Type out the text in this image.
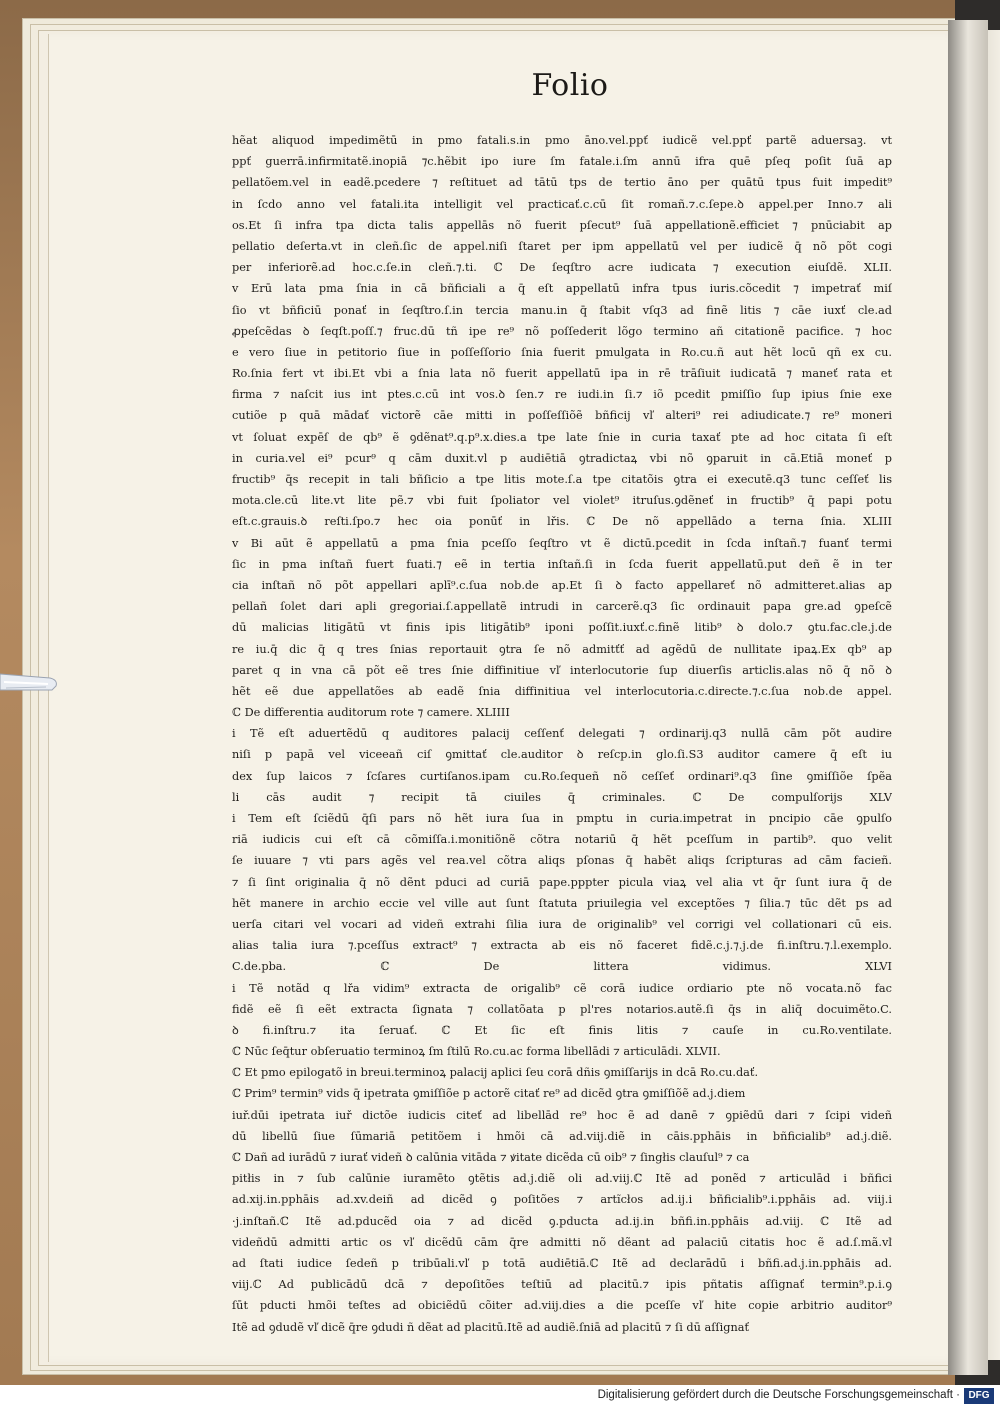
Folio
hẽat aliquod impedimẽtū in pmo fatali.s.in pmo āno.vel.ppť iudicẽ vel.ppť partẽ aduersaꝫ. vt
ppť guerrā.infirmitatẽ.inopiā ⁊c.hẽbit ipo iure ſm fatale.i.ſm annū ifra quē pſeq poſit ſuā ap
pellatõem.vel in eadẽ.pcedere ⁊ reſtituet ad tātū tps de tertio āno per quātū tpus fuit impedit⁹
in ſcdo anno vel fatali.ita intelligit vel practicať.c.cū ſit romañ.⁊.c.ſepe.ꝺ appel.per Inno.⁊ ali
os.Et ſi infra tpa dicta talis appellās nõ fuerit pſecut⁹ ſuā appellationẽ.efficiet ⁊ pnūciabit ap
pellatio deſerta.vt in cleñ.ſic de appel.niſi ſtaret per ipm appellatū vel per iudicẽ q̄ nõ põt cogi
per inferiorẽ.ad hoc.c.ſe.in cleñ.⁊.ti. ℂ De ſeqſtro acre iudicata ⁊ execution eiuſdẽ. XLII.
v Erū lata pma ſnia in cā bñficiali a q̄ eſt appellatū infra tpus iuris.cõcedit ⁊ impetrať miſ
ſio vt bñficiū ponať in ſeqſtro.ſ.in tercia manu.in q̄ ſtabit vſq3 ad finẽ litis ⁊ cāe iuxť cle.ad
ꝓpeſcẽdas ꝺ ſeqſt.poſſ.⁊ fruc.dū tñ ipe re⁹ nõ poſſederit lõgo termino añ citationẽ pacifice. ⁊ hoc
e vero ſiue in petitorio ſiue in poſſeſſorio ſnia fuerit pmulgata in Ro.cu.ñ aut hẽt locū qñ ex cu.
Ro.ſnia fert vt ibi.Et vbi a ſnia lata nõ fuerit appellatū ipa in rē trāſiuit iudicatā ⁊ maneť rata et
firma ⁊ naſcit ius int ptes.c.cū int vos.ꝺ ſen.⁊ re iudi.in ſi.⁊ iõ pcedit pmiſſio ſup ipius ſnie exe
cutiõe p quā mādať victorẽ cāe mitti in poſſeſſiõẽ bñficij vľ alteri⁹ rei adiudicate.⁊ re⁹ moneri
vt ſoluat expēſ de qb⁹ ẽ ꝯdẽnat⁹.q.p⁹.x.dies.a tpe late ſnie in curia taxať pte ad hoc citata ſi eſt
in curia.vel ei⁹ pcur⁹ q cām duxit.vl p audiētiā ꝯtradictaꝝ vbi nõ ꝯparuit in cā.Etiā moneť p
fructib⁹ q̄s recepit in tali bñſicio a tpe litis mote.ſ.a tpe citatõis ꝯtra ei executē.q3 tunc ceſſeť lis
mota.cle.cū lite.vt lite pẽ.⁊ vbi fuit ſpoliator vel violet⁹ itruſus.ꝯdẽneť in fructib⁹ q̄ papi potu
eſt.c.grauis.ꝺ reſti.ſpo.⁊ hec oia ponūť in lřis. ℂ De nõ appellādo a terna ſnia. XLIII
v Bi aūt ẽ appellatū a pma ſnia pceſſo ſeqſtro vt ẽ dictū.pcedit in ſcda inſtañ.⁊ fuanť termi
ſic in pma inſtañ fuert fuati.⁊ eẽ in tertia inſtañ.ſi in ſcda fuerit appellatū.put deñ ẽ in ter
cia inſtañ nõ põt appellari aplī⁹.c.ſua nob.de ap.Et ſi ꝺ facto appellareť nõ admitteret.alias ap
pellañ ſolet dari apli gregoriai.ſ.appellatẽ intrudi in carcerẽ.q3 ſic ordinauit papa gre.ad ꝯpeſcẽ
dū malicias litigātū vt finis ipis litigātib⁹ iponi poſſit.iuxť.c.finẽ litib⁹ ꝺ dolo.⁊ ꝯtu.fac.cle.j.de
re iu.q̄ dic q̄ q tres ſnias reportauit ꝯtra ſe nõ admitťť ad agẽdū de nullitate ipaꝝ.Ex qb⁹ ap
paret q in vna cā põt eẽ tres ſnie diffinitiue vľ interlocutorie ſup diuerſis articlis.alas nõ q̄ nõ ꝺ
hẽt eẽ due appellatões ab eadẽ ſnia diffinitiua vel interlocutoria.c.directe.⁊.c.ſua nob.de appel.
ℂ De differentia auditorum rote ⁊ camere. XLIIII
i Tẽ eſt aduertẽdū q auditores palacij ceſſenť delegati ⁊ ordinarij.q3 nullā cām põt audire
niſi p papā vel viceeañ ciſ ꝯmittať cle.auditor ꝺ reſcp.in glo.ſi.S3 auditor camere q̄ eſt iu
dex ſup laicos ⁊ ſcſares curtiſanos.ipam cu.Ro.ſequeñ nõ ceſſeť ordinari⁹.q3 ſine ꝯmiſſiõe ſpẽa
li cās audit ⁊ recipit tā ciuiles q̄ criminales. ℂ De compulſorijs XLV
i Tem eſt ſciẽdū q̄ſi pars nõ hẽt iura ſua in pmptu in curia.impetrat in pncipio cāe ꝯpulſo
riā iudicis cui eſt cā cõmiſſa.i.monitiõnẽ cõtra notariū q̄ hẽt pceſſum in partib⁹. quo velit
ſe iuuare ⁊ vti pars agẽs vel rea.vel cõtra aliqs pſonas q̄ habẽt aliqs ſcripturas ad cām facieñ.
⁊ ſi ſint originalia q̄ nõ dẽnt pduci ad curiā pape.pppter picula viaꝝ vel alia vt q̄r ſunt iura q̄ de
hẽt manere in archio eccie vel ville aut ſunt ſtatuta priuilegia vel exceptões ⁊ ſilia.⁊ tūc dẽt ps ad
uerſa citari vel vocari ad videñ extrahi ſilia iura de originalib⁹ vel corrigi vel collationari cū eis.
alias talia iura ⁊.pceſſus extract⁹ ⁊ extracta ab eis nõ faceret fidẽ.c.j.⁊.j.de fi.inſtru.⁊.l.exemplo.
C.de.pba. ℂ De littera vidimus. XLVI
i Tẽ notãd q lřa vidim⁹ extracta de origalib⁹ cẽ corā iudice ordiario pte nõ vocata.nõ fac
fidẽ eẽ ſi eẽt extracta ſignata ⁊ collatõata p pl'res notarios.autẽ.ſi q̄s in aliq̄ docuimẽto.C.
ꝺ fi.inſtru.⁊ ita ſeruať. ℂ Et ſic eſt finis litis ⁊ cauſe in cu.Ro.ventilate.
ℂ Nūc ſeq̄tur obſeruatio terminoꝝ ſm ſtilū Ro.cu.ac forma libellādi ⁊ articulādi. XLVII.
ℂ Et pmo epilogatõ in breui.terminoꝝ palacij aplici ſeu corā dñis ꝯmiſſarijs in dcā Ro.cu.dať.
ℂ Prim⁹ termin⁹ vids q̄ ipetrata ꝯmiſſiõe p actorẽ citať re⁹ ad dicẽd ꝯtra ꝯmiſſiõẽ ad.j.diem
iuř.dūi ipetrata iuř dictõe iudicis citeť ad libellād re⁹ hoc ẽ ad danē ⁊ ꝯpiẽdū dari ⁊ ſcipi videñ
dū libellū ſiue ſūmariā petitõem i hmõi cā ad.viij.diẽ in cāis.pphāis in bñficialib⁹ ad.j.diẽ.
ℂ Dañ ad iurādū ⁊ iurať videñ ꝺ calūnia vitāda ⁊ ꝟitate dicẽda cū oib⁹ ⁊ ſingłis clauſul⁹ ⁊ ca
pitłis in ⁊ ſub calūnie iuramēto ꝯtẽtis ad.j.diẽ oli ad.viij.ℂ Itẽ ad ponẽd ⁊ articulād i bñfici
ad.xij.in.pphāis ad.xv.deiñ ad dicẽd ꝯ poſitões ⁊ artĩcłos ad.ij.i bñficialib⁹.i.pphāis ad. viij.i
·j.inſtañ.ℂ Itẽ ad.pducẽd oia ⁊ ad dicẽd ꝯ.pducta ad.ij.in bñfi.in.pphāis ad.viij. ℂ Itẽ ad
videñdū admitti artic os vľ dicẽdū cām q̄re admitti nõ dẽant ad palaciū citatis hoc ẽ ad.ſ.mã.vľ
ad ſtati iudice ſedeñ p tribūali.vľ p totā audiētiā.ℂ Itẽ ad declarādū i bñfi.ad.j.in.pphāis ad.
viij.ℂ Ad publicādū dcā ⁊ depoſitões teſtiū ad placitū.⁊ ipis pñtatis aſſignať termin⁹.p.i.ꝯ
ſūt pducti hmõi teſtes ad obiciẽdū cõiter ad.viij.dies a die pceſſe vľ hite copie arbitrio auditor⁹
Itẽ ad ꝯdudẽ vľ dicẽ q̄re ꝯdudi ñ dẽat ad placitū.Itẽ ad audiẽ.ſniā ad placitū ⁊ ſi dū aſſignať
Digitalisierung gefördert durch die Deutsche Forschungsgemeinschaft · DFG
